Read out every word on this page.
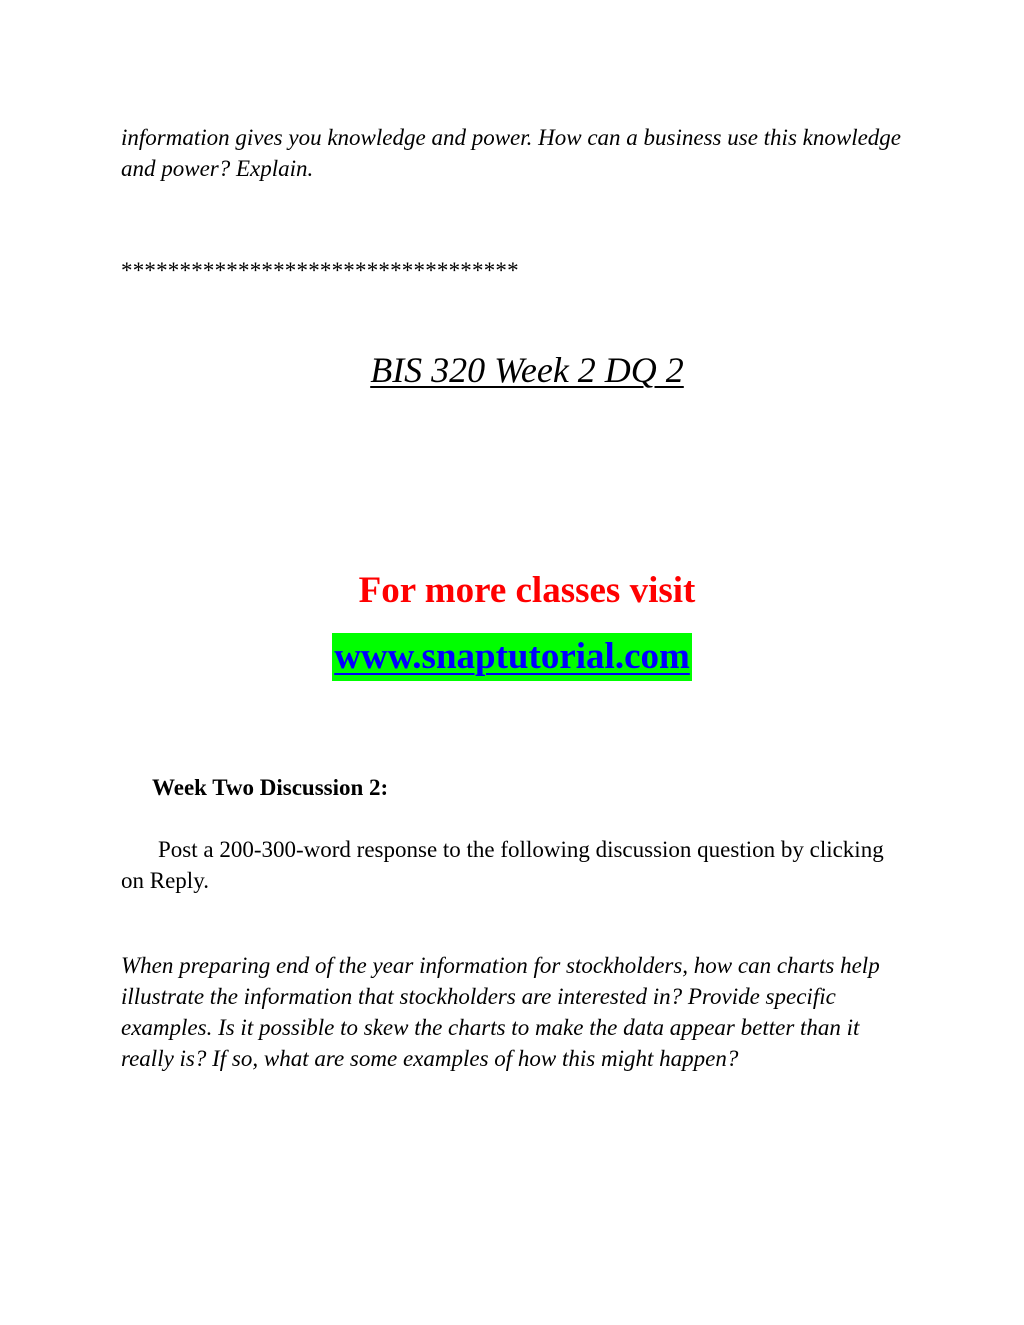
information gives you knowledge and power. How can a business use this knowledge and power? Explain.

**********************************

BIS 320 Week 2 DQ 2

For more classes visit

www.snaptutorial.com

Week Two Discussion 2:

Post a 200-300-word response to the following discussion question by clicking on Reply.

When preparing end of the year information for stockholders, how can charts help illustrate the information that stockholders are interested in? Provide specific examples. Is it possible to skew the charts to make the data appear better than it really is? If so, what are some examples of how this might happen?
